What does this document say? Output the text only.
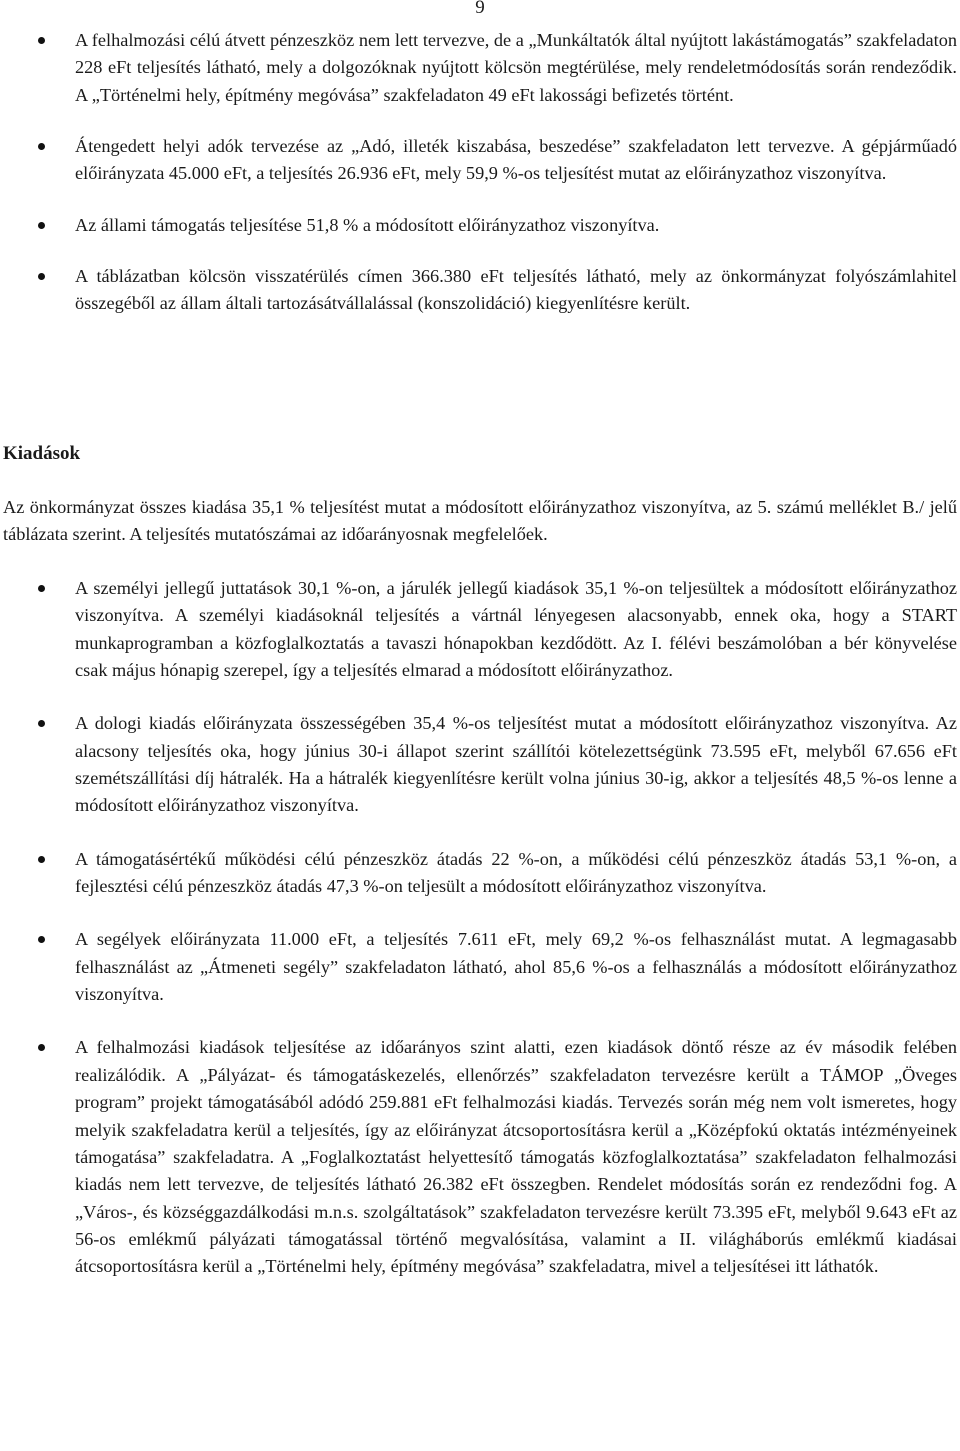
9
A felhalmozási célú átvett pénzeszköz nem lett tervezve, de a „Munkáltatók által nyújtott lakástámogatás” szakfeladaton 228 eFt teljesítés látható, mely a dolgozóknak nyújtott kölcsön megtérülése, mely rendeletmódosítás során rendeződik. A „Történelmi hely, építmény megóvása” szakfeladaton 49 eFt lakossági befizetés történt.
Átengedett helyi adók tervezése az „Adó, illeték kiszabása, beszedése” szakfeladaton lett tervezve. A gépjárműadó előirányzata 45.000 eFt, a teljesítés 26.936 eFt, mely 59,9 %-os teljesítést mutat az előirányzathoz viszonyítva.
Az állami támogatás teljesítése 51,8 % a módosított előirányzathoz viszonyítva.
A táblázatban kölcsön visszatérülés címen 366.380 eFt teljesítés látható, mely az önkormányzat folyószámlahitel összegéből az állam általi tartozásátvállalással (konszolidáció) kiegyenlítésre került.
Kiadások

Az önkormányzat összes kiadása 35,1 % teljesítést mutat a módosított előirányzathoz viszonyítva, az 5. számú melléklet B./ jelű táblázata szerint. A teljesítés mutatószámai az időarányosnak megfelelőek.

A személyi jellegű juttatások 30,1 %-on, a járulék jellegű kiadások 35,1 %-on teljesültek a módosított előirányzathoz viszonyítva. A személyi kiadásoknál teljesítés a vártnál lényegesen alacsonyabb, ennek oka, hogy a START munkaprogramban a közfoglalkoztatás a tavaszi hónapokban kezdődött. Az I. félévi beszámolóban a bér könyvelése csak május hónapig szerepel, így a teljesítés elmarad a módosított előirányzathoz.
A dologi kiadás előirányzata összességében 35,4 %-os teljesítést mutat a módosított előirányzathoz viszonyítva. Az alacsony teljesítés oka, hogy június 30-i állapot szerint szállítói kötelezettségünk 73.595 eFt, melyből 67.656 eFt szemétszállítási díj hátralék. Ha a hátralék kiegyenlítésre került volna június 30-ig, akkor a teljesítés 48,5 %-os lenne a módosított előirányzathoz viszonyítva.
A támogatásértékű működési célú pénzeszköz átadás 22 %-on, a működési célú pénzeszköz átadás 53,1 %-on, a fejlesztési célú pénzeszköz átadás 47,3 %-on teljesült a módosított előirányzathoz viszonyítva.
A segélyek előirányzata 11.000 eFt, a teljesítés 7.611 eFt, mely 69,2 %-os felhasználást mutat. A legmagasabb felhasználást az „Átmeneti segély” szakfeladaton látható, ahol 85,6 %-os a felhasználás a módosított előirányzathoz viszonyítva.
A felhalmozási kiadások teljesítése az időarányos szint alatti, ezen kiadások döntő része az év második felében realizálódik. A „Pályázat- és támogatáskezelés, ellenőrzés” szakfeladaton tervezésre került a TÁMOP „Öveges program” projekt támogatásából adódó 259.881 eFt felhalmozási kiadás. Tervezés során még nem volt ismeretes, hogy melyik szakfeladatra kerül a teljesítés, így az előirányzat átcsoportosításra kerül a „Középfokú oktatás intézményeinek támogatása” szakfeladatra. A „Foglalkoztatást helyettesítő támogatás közfoglalkoztatása” szakfeladaton felhalmozási kiadás nem lett tervezve, de teljesítés látható 26.382 eFt összegben. Rendelet módosítás során ez rendeződni fog. A „Város-, és községgazdálkodási m.n.s. szolgáltatások” szakfeladaton tervezésre került 73.395 eFt, melyből 9.643 eFt az 56-os emlékmű pályázati támogatással történő megvalósítása, valamint a II. világháborús emlékmű kiadásai átcsoportosításra kerül a „Történelmi hely, építmény megóvása” szakfeladatra, mivel a teljesítései itt láthatók.
